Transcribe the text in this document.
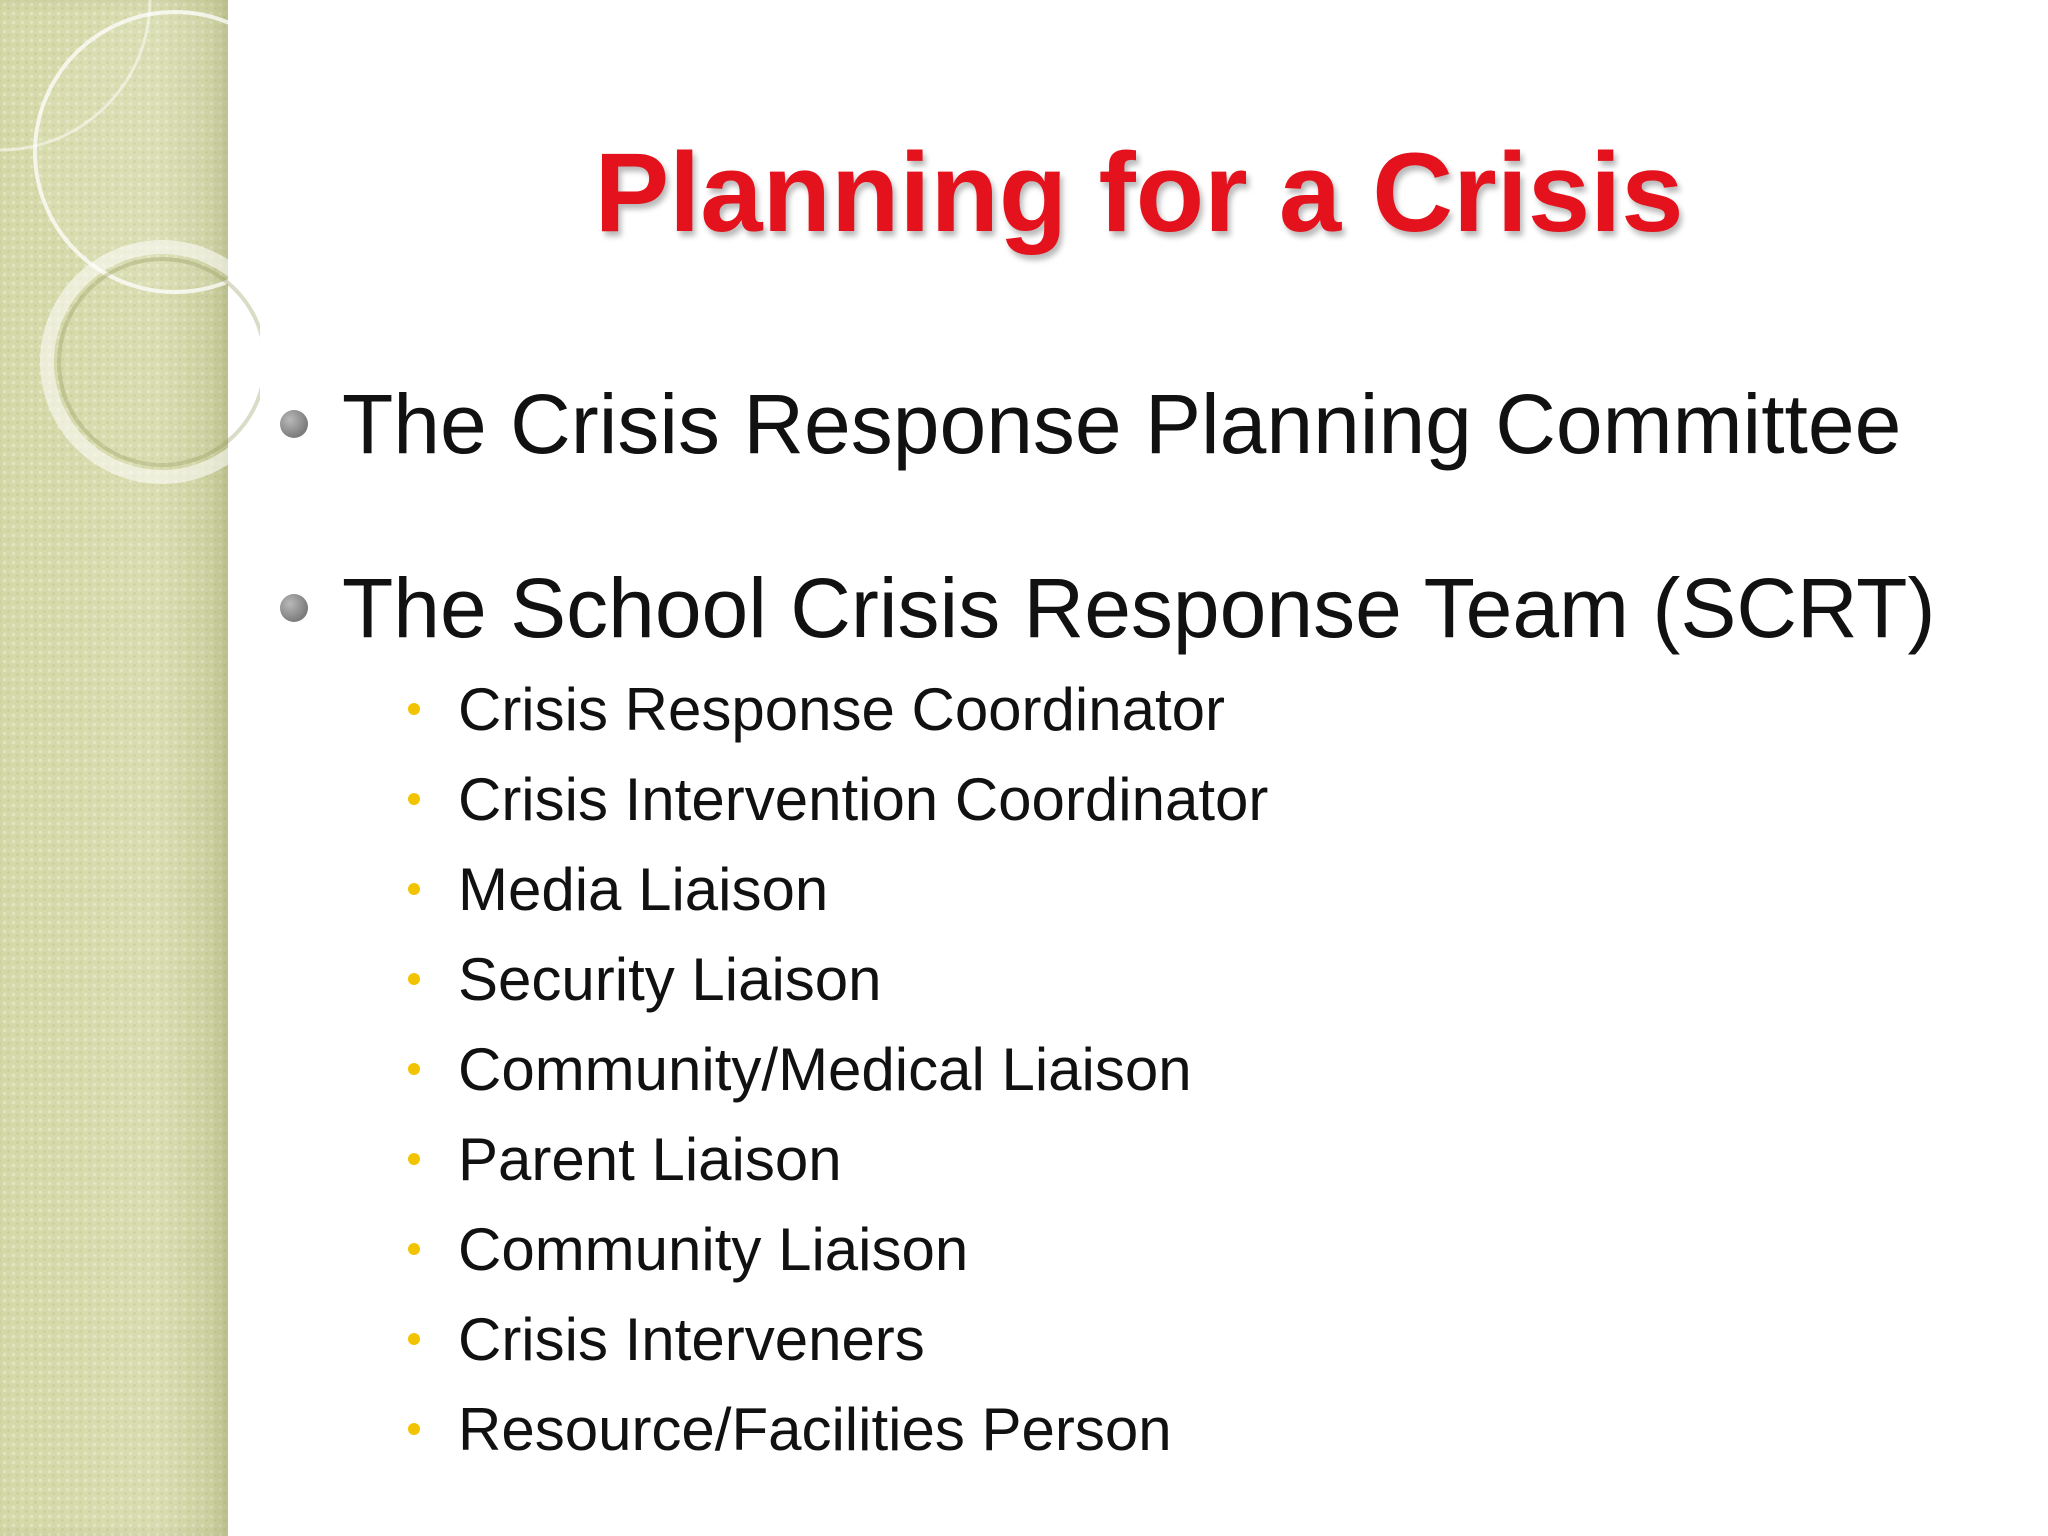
Planning for a Crisis
The Crisis Response Planning Committee
The School Crisis Response Team (SCRT)
Crisis Response Coordinator
Crisis Intervention Coordinator
Media Liaison
Security Liaison
Community/Medical Liaison
Parent Liaison
Community Liaison
Crisis Interveners
Resource/Facilities Person
